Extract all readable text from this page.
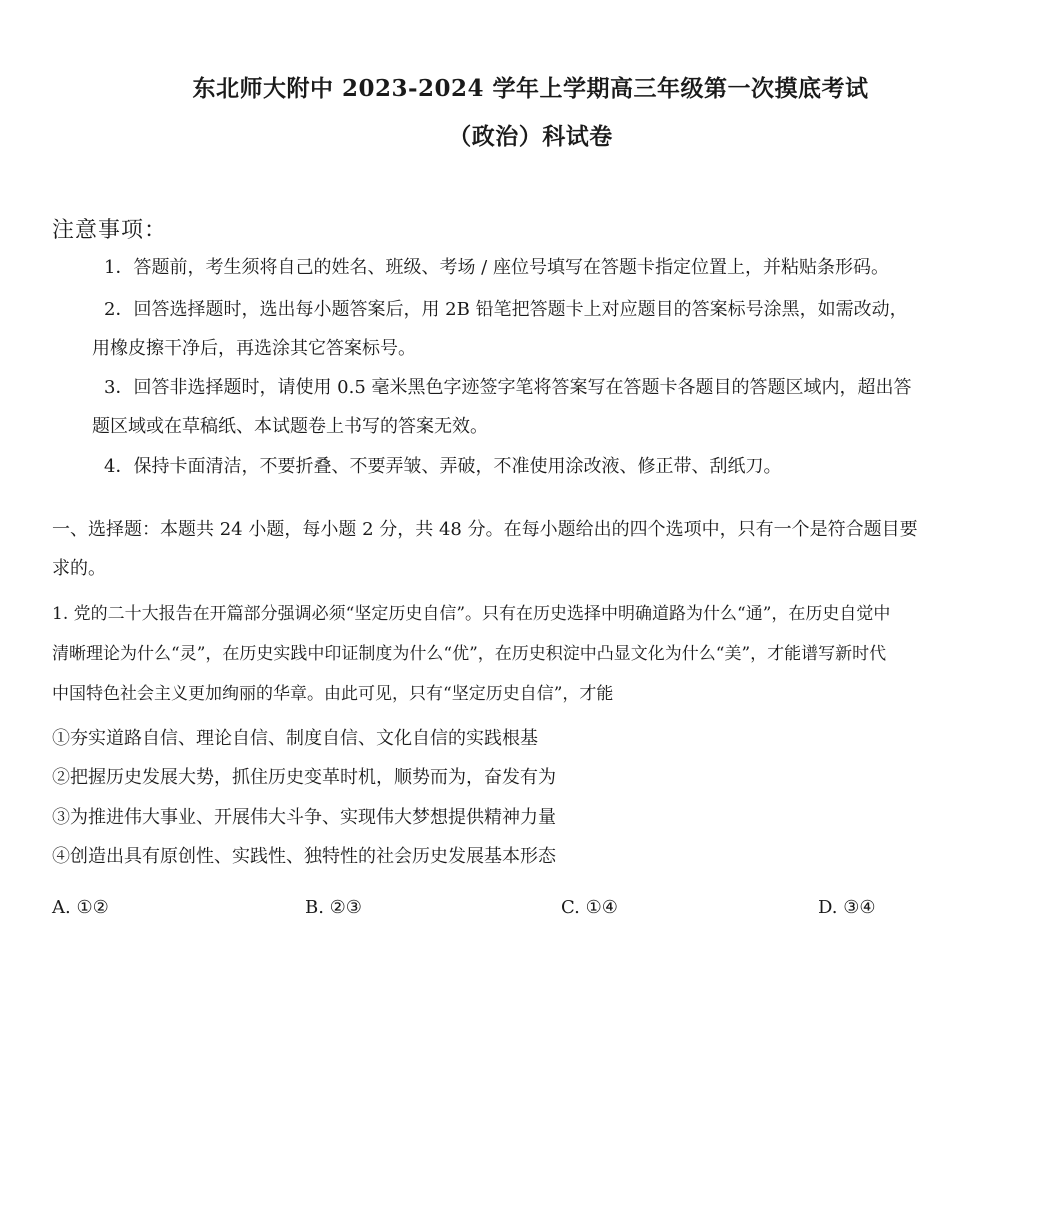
东北师大附中 2023-2024 学年上学期高三年级第一次摸底考试
（政治）科试卷
注意事项：
1．答题前，考生须将自己的姓名、班级、考场 / 座位号填写在答题卡指定位置上，并粘贴条形码。
2．回答选择题时，选出每小题答案后，用 2B 铅笔把答题卡上对应题目的答案标号涂黑，如需改动，
用橡皮擦干净后，再选涂其它答案标号。
3．回答非选择题时，请使用 0.5 毫米黑色字迹签字笔将答案写在答题卡各题目的答题区域内，超出答
题区域或在草稿纸、本试题卷上书写的答案无效。
4．保持卡面清洁，不要折叠、不要弄皱、弄破，不准使用涂改液、修正带、刮纸刀。
一、选择题：本题共 24 小题，每小题 2 分，共 48 分。在每小题给出的四个选项中，只有一个是符合题目要
求的。
1. 党的二十大报告在开篇部分强调必须“坚定历史自信”。只有在历史选择中明确道路为什么“通”，在历史自觉中
清晰理论为什么“灵”，在历史实践中印证制度为什么“优”，在历史积淀中凸显文化为什么“美”，才能谱写新时代
中国特色社会主义更加绚丽的华章。由此可见，只有“坚定历史自信”，才能
①夯实道路自信、理论自信、制度自信、文化自信的实践根基
②把握历史发展大势，抓住历史变革时机，顺势而为，奋发有为
③为推进伟大事业、开展伟大斗争、实现伟大梦想提供精神力量
④创造出具有原创性、实践性、独特性的社会历史发展基本形态
A. ①②	B. ②③	C. ①④	D. ③④
